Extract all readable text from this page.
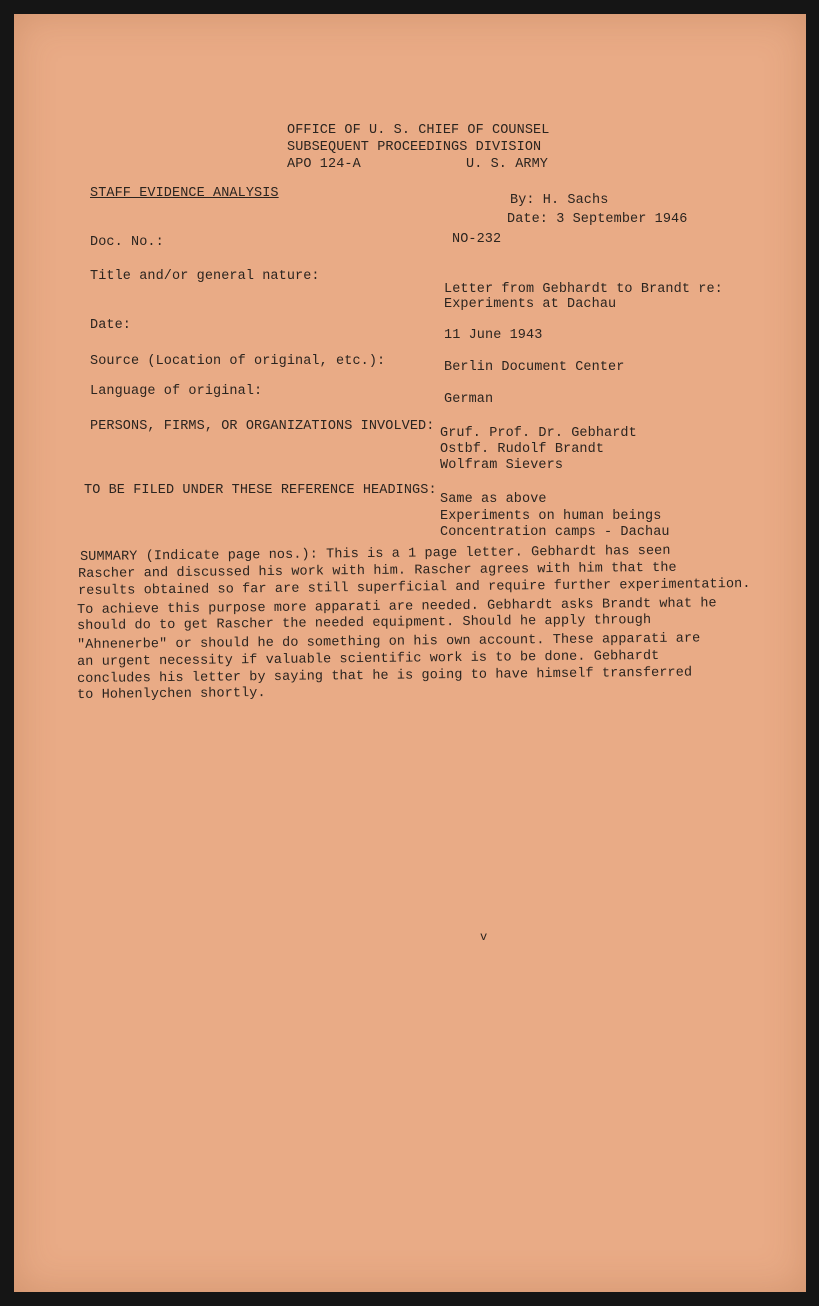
OFFICE OF U. S. CHIEF OF COUNSEL
SUBSEQUENT PROCEEDINGS DIVISION
APO 124-A	U. S. ARMY
STAFF EVIDENCE ANALYSIS	By: H. Sachs
Date: 3 September 1946
Doc. No.:	NO-232
Title and/or general nature:
Letter from Gebhardt to Brandt re:
Experiments at Dachau
Date:
11 June 1943
Source (Location of original, etc.):	Berlin Document Center
Language of original:
German
PERSONS, FIRMS, OR ORGANIZATIONS INVOLVED: Gruf. Prof. Dr. Gebhardt
Ostbf. Rudolf Brandt
Wolfram Sievers
TO BE FILED UNDER THESE REFERENCE HEADINGS:
Same as above
Experiments on human beings
Concentration camps - Dachau
SUMMARY (Indicate page nos.): This is a 1 page letter. Gebhardt has seen
Rascher and discussed his work with him. Rascher agrees with him that the
results obtained so far are still superficial and require further experimentation.
To achieve this purpose more apparati are needed. Gebhardt asks Brandt what he
should do to get Rascher the needed equipment. Should he apply through
"Ahnenerbe" or should he do something on his own account. These apparati are
an urgent necessity if valuable scientific work is to be done. Gebhardt
concludes his letter by saying that he is going to have himself transferred
to Hohenlychen shortly.
v
